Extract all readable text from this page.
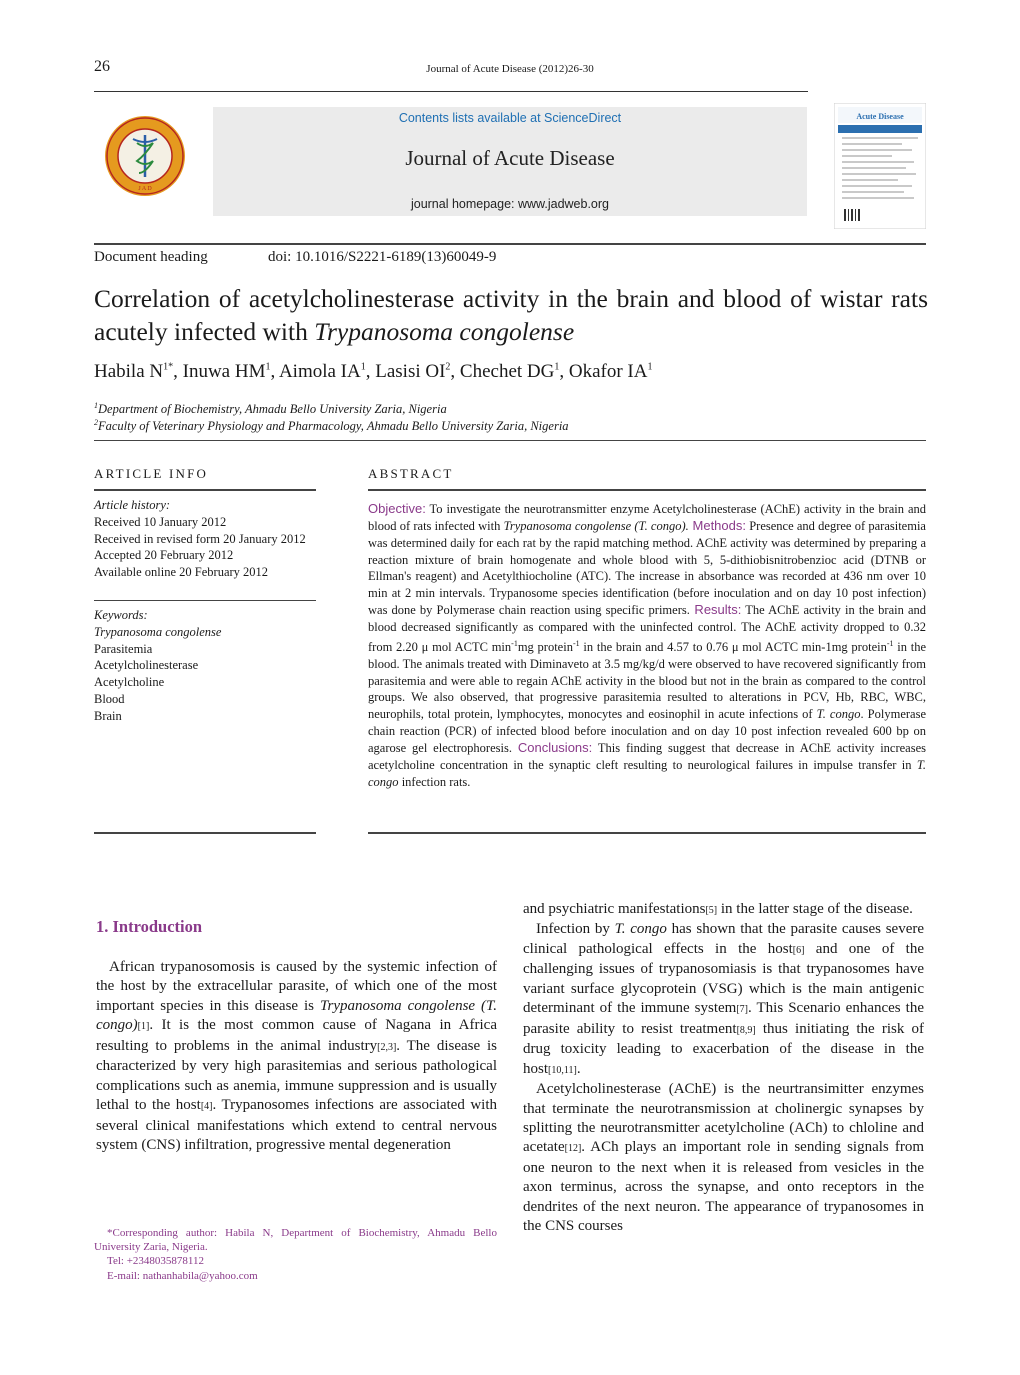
26	Journal of Acute Disease (2012)26-30
J A D
Contents lists available at ScienceDirect
Journal of Acute Disease
journal homepage: www.jadweb.org
Acute Disease
Document heading	doi: 10.1016/S2221-6189(13)60049-9
Correlation of acetylcholinesterase activity in the brain and blood of wistar rats acutely infected with Trypanosoma congolense
Habila $N^{1*}$, Inuwa $HM^1$, Aimola $IA^1$, Lasisi $OI^2$, Chechet $DG^1$, Okafor $IA^1$
$^1$Department of Biochemistry, Ahmadu Bello University Zaria, Nigeria
$^2$Faculty of Veterinary Physiology and Pharmacology, Ahmadu Bello University Zaria, Nigeria
ARTICLE INFO	ABSTRACT
Article history:
Received 10 January 2012
Received in revised form 20 January 2012
Accepted 20 February 2012
Available online 20 February 2012
Keywords:
Trypanosoma congolense
Parasitemia
Acetylcholinesterase
Acetylcholine
Blood
Brain
Objective: To investigate the neurotransmitter enzyme Acetylcholinesterase (AChE) activity in the brain and blood of rats infected with Trypanosoma congolense (T. congo). Methods: Presence and degree of parasitemia was determined daily for each rat by the rapid matching method. AChE activity was determined by preparing a reaction mixture of brain homogenate and whole blood with 5, 5-dithiobisnitrobenzioc acid (DTNB or Ellman's reagent) and Acetylthiocholine (ATC). The increase in absorbance was recorded at 436 nm over 10 min at 2 min intervals. Trypanosome species identification (before inoculation and on day 10 post infection) was done by Polymerase chain reaction using specific primers. Results: The AChE activity in the brain and blood decreased significantly as compared with the uninfected control. The AChE activity dropped to 0.32 from 2.20 μ mol ACTC $\min^{-1}mg$ protein$^{-1}$ in the brain and 4.57 to 0.76 μ mol ACTC min-1mg protein$^{-1}$ in the blood. The animals treated with Diminaveto at 3.5 mg/kg/d were observed to have recovered significantly from parasitemia and were able to regain AChE activity in the blood but not in the brain as compared to the control groups. We also observed, that progressive parasitemia resulted to alterations in PCV, Hb, RBC, WBC, neurophils, total protein, lymphocytes, monocytes and eosinophil in acute infections of T. congo. Polymerase chain reaction (PCR) of infected blood before inoculation and on day 10 post infection revealed 600 bp on agarose gel electrophoresis. Conclusions: This finding suggest that decrease in AChE activity increases acetylcholine concentration in the synaptic cleft resulting to neurological failures in impulse transfer in T. congo infection rats.
1. Introduction

African trypanosomosis is caused by the systemic infection of the host by the extracellular parasite, of which one of the most important species in this disease is Trypanosoma congolense (T. congo)[1]. It is the most common cause of Nagana in Africa resulting to problems in the animal industry[2,3]. The disease is characterized by very high parasitemias and serious pathological complications such as anemia, immune suppression and is usually lethal to the host[4]. Trypanosomes infections are associated with several clinical manifestations which extend to central nervous system (CNS) infiltration, progressive mental degeneration

and psychiatric manifestations[5] in the latter stage of the disease.

Infection by T. congo has shown that the parasite causes severe clinical pathological effects in the host[6] and one of the challenging issues of trypanosomiasis is that trypanosomes have variant surface glycoprotein (VSG) which is the main antigenic determinant of the immune system[7]. This Scenario enhances the parasite ability to resist treatment[8,9] thus initiating the risk of drug toxicity leading to exacerbation of the disease in the host[10,11].

Acetylcholinesterase (AChE) is the neurtransimitter enzymes that terminate the neurotransmission at cholinergic synapses by splitting the neurotransmitter acetylcholine (ACh) to chloline and acetate[12]. ACh plays an important role in sending signals from one neuron to the next when it is released from vesicles in the axon terminus, across the synapse, and onto receptors in the dendrites of the next neuron. The appearance of trypanosomes in the CNS courses

*Corresponding author: Habila N, Department of Biochemistry, Ahmadu Bello University Zaria, Nigeria.
Tel: +2348035878112
E-mail: nathanhabila@yahoo.com
